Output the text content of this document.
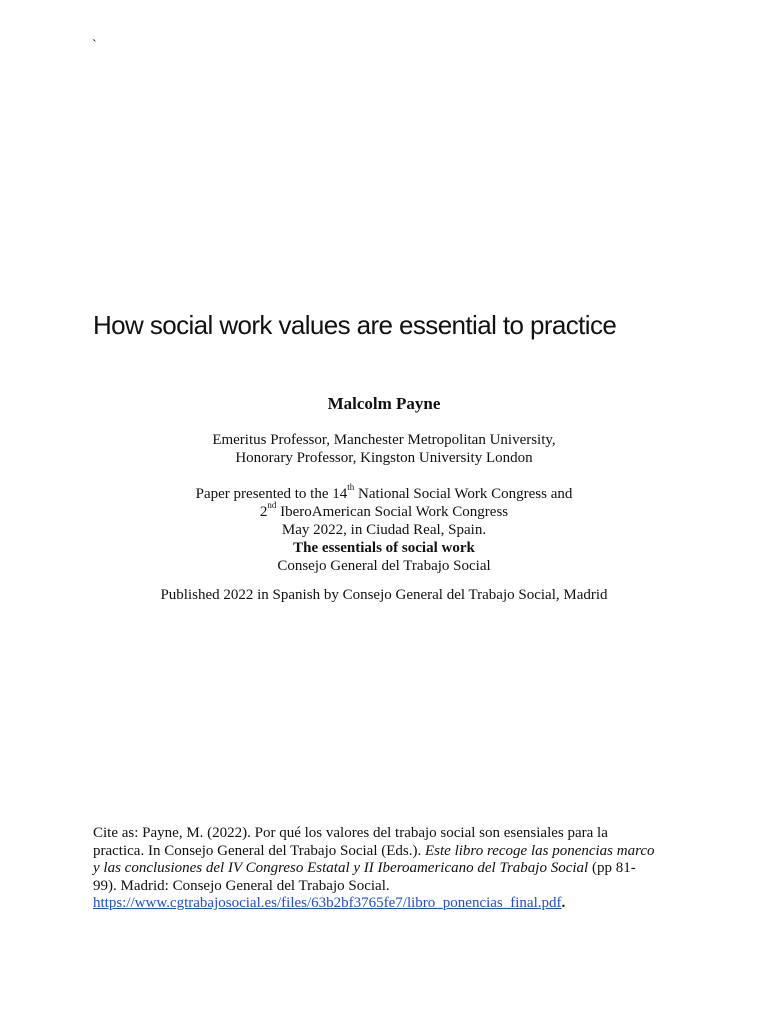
`
How social work values are essential to practice
Malcolm Payne
Emeritus Professor, Manchester Metropolitan University,
Honorary Professor, Kingston University London
Paper presented to the 14th National Social Work Congress and
2nd IberoAmerican Social Work Congress
May 2022, in Ciudad Real, Spain.
The essentials of social work
Consejo General del Trabajo Social
Published 2022 in Spanish by Consejo General del Trabajo Social, Madrid
Cite as: Payne, M. (2022). Por qué los valores del trabajo social son esensiales para la
practica. In Consejo General del Trabajo Social (Eds.). Este libro recoge las ponencias marco
y las conclusiones del IV Congreso Estatal y II Iberoamericano del Trabajo Social (pp 81-
99). Madrid: Consejo General del Trabajo Social.
https://www.cgtrabajosocial.es/files/63b2bf3765fe7/libro_ponencias_final.pdf.
